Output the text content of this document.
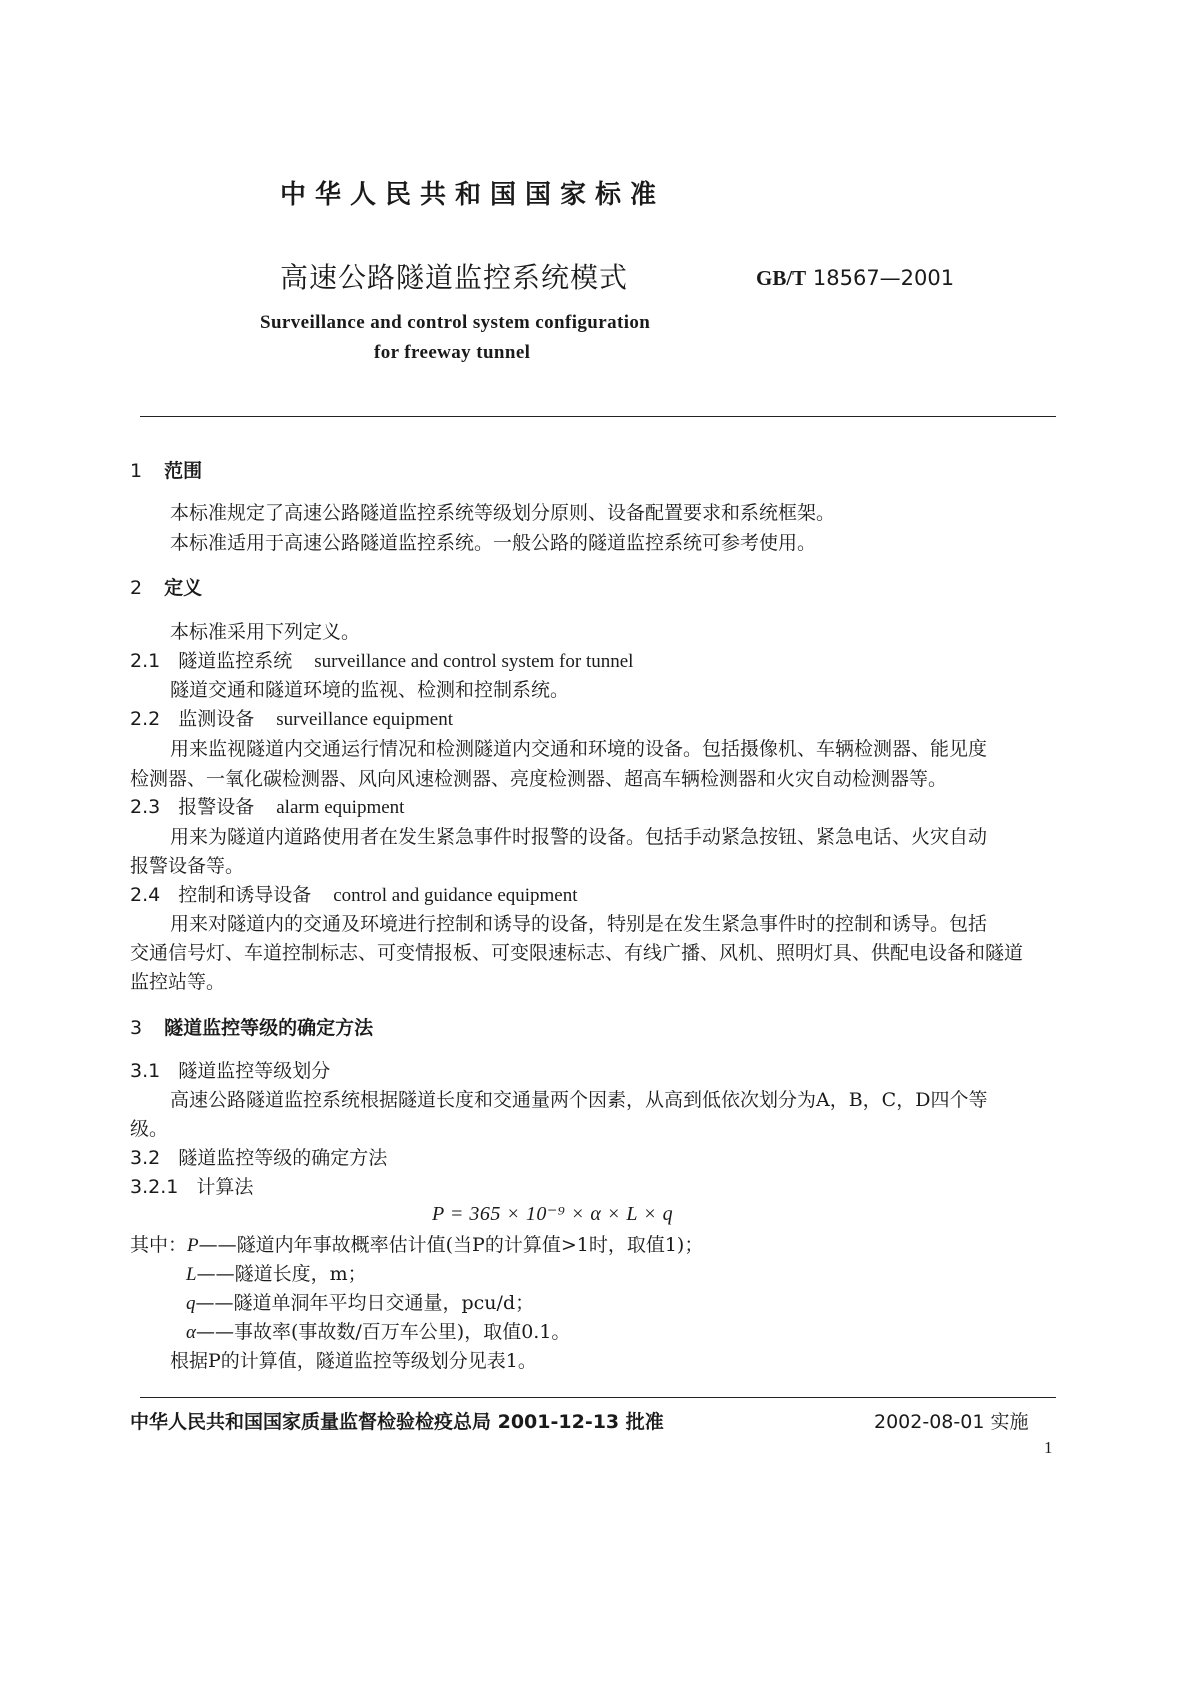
中华人民共和国国家标准
高速公路隧道监控系统模式	GB/T 18567—2001
Surveillance and control system configuration
for freeway tunnel
1 范围
本标准规定了高速公路隧道监控系统等级划分原则、设备配置要求和系统框架。
本标准适用于高速公路隧道监控系统。一般公路的隧道监控系统可参考使用。
2 定义
本标准采用下列定义。
2.1 隧道监控系统 surveillance and control system for tunnel
隧道交通和隧道环境的监视、检测和控制系统。
2.2 监测设备 surveillance equipment
用来监视隧道内交通运行情况和检测隧道内交通和环境的设备。包括摄像机、车辆检测器、能见度
检测器、一氧化碳检测器、风向风速检测器、亮度检测器、超高车辆检测器和火灾自动检测器等。
2.3 报警设备 alarm equipment
用来为隧道内道路使用者在发生紧急事件时报警的设备。包括手动紧急按钮、紧急电话、火灾自动
报警设备等。
2.4 控制和诱导设备 control and guidance equipment
用来对隧道内的交通及环境进行控制和诱导的设备，特别是在发生紧急事件时的控制和诱导。包括
交通信号灯、车道控制标志、可变情报板、可变限速标志、有线广播、风机、照明灯具、供配电设备和隧道
监控站等。
3 隧道监控等级的确定方法
3.1 隧道监控等级划分
高速公路隧道监控系统根据隧道长度和交通量两个因素，从高到低依次划分为A，B，C，D四个等
级。
3.2 隧道监控等级的确定方法
3.2.1 计算法
P = 365 × 10⁻⁹ × α × L × q
其中：P——隧道内年事故概率估计值(当P的计算值>1时，取值1)；
L——隧道长度，m；
q——隧道单洞年平均日交通量，pcu/d；
α——事故率(事故数/百万车公里)，取值0.1。
根据P的计算值，隧道监控等级划分见表1。
中华人民共和国国家质量监督检验检疫总局 2001-12-13 批准	2002-08-01 实施
1
